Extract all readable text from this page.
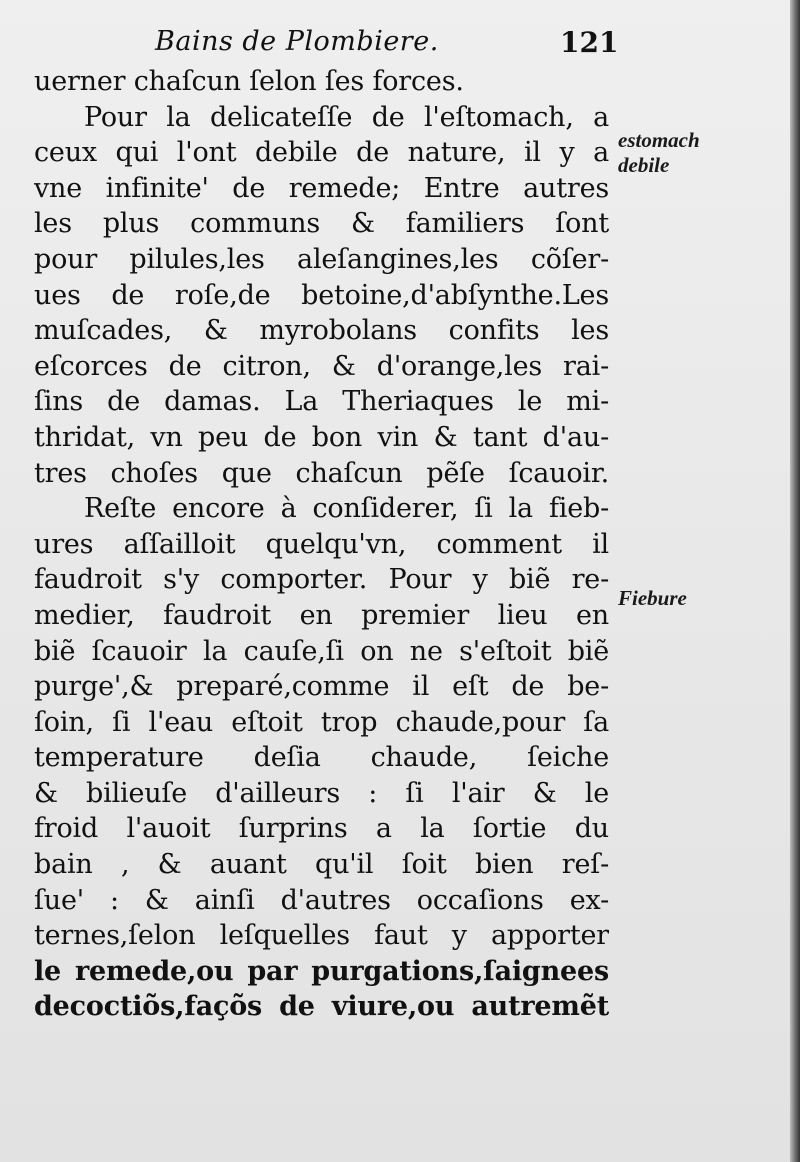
Bains de Plombiere.	121
uerner chaſcun ſelon ſes forces.
Pour la delicateſſe de l'eſtomach, a
ceux qui l'ont debile de nature, il y a
vne infinite' de remede; Entre autres
les plus communs & familiers ſont
pour pilules,les aleſangines,les cõſer-
ues de roſe,de betoine,d'abſynthe.Les
muſcades, & myrobolans confits les
eſcorces de citron, & d'orange,les rai-
ſins de damas. La Theriaques le mi-
thridat, vn peu de bon vin & tant d'au-
tres choſes que chaſcun pẽſe ſcauoir.
Reſte encore à conſiderer, ſi la fieb-
ures aſſailloit quelqu'vn, comment il
faudroit s'y comporter. Pour y biẽ re-
medier, faudroit en premier lieu en
biẽ ſcauoir la cauſe,ſi on ne s'eſtoit biẽ
purge',& preparé,comme il eſt de be-
ſoin, ſi l'eau eſtoit trop chaude,pour ſa
temperature deſia chaude, ſeiche
& bilieuſe d'ailleurs : ſi l'air & le
froid l'auoit ſurprins a la ſortie du
bain , & auant qu'il ſoit bien reſ-
ſue' : & ainſi d'autres occaſions ex-
ternes,ſelon leſquelles faut y apporter
le remede,ou par purgations,ſaignees
decoctiõs,façõs de viure,ou autremẽt
estomach
debile
Fiebure
